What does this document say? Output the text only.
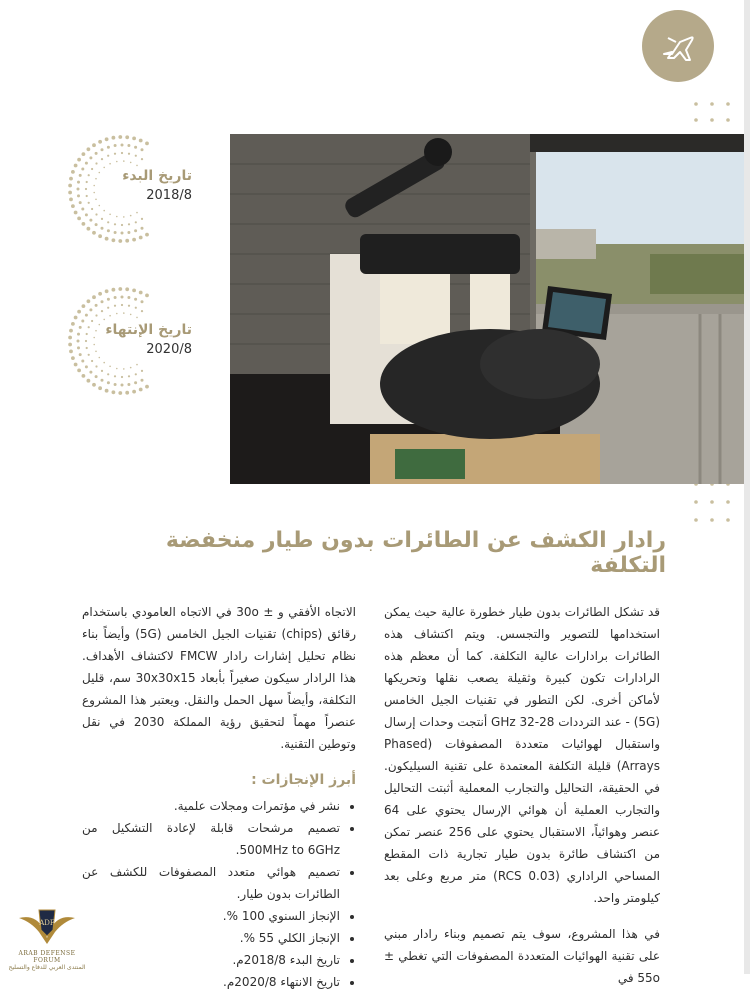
تاريخ البدء
2018/8
تاريخ الإنتهاء
2020/8
رادار الكشف عن الطائرات بدون طيار منخفضة التكلفة

قد تشكل الطائرات بدون طيار خطورة عالية حيث يمكن استخدامها للتصوير والتجسس. ويتم اكتشاف هذه الطائرات برادارات عالية التكلفة. كما أن معظم هذه الرادارات تكون كبيرة وثقيلة يصعب نقلها وتحريكها لأماكن أخرى. لكن التطور في تقنيات الجيل الخامس (5G) - عند الترددات 28-32 GHz أنتجت وحدات إرسال واستقبال لهوائيات متعددة المصفوفات (Phased Arrays) قليلة التكلفة المعتمدة على تقنية السيليكون. في الحقيقة، التحاليل والتجارب المعملية أثبتت التحاليل والتجارب العملية أن هوائي الإرسال يحتوي على 64 عنصر وهوائياً، الاستقبال يحتوي على 256 عنصر تمكن من اكتشاف طائرة بدون طيار تجارية ذات المقطع المساحي الراداري (RCS 0.03) متر مربع وعلى بعد كيلومتر واحد.

في هذا المشروع، سوف يتم تصميم وبناء رادار مبني على تقنية الهوائيات المتعددة المصفوفات التي تغطي ± 55o في

الاتجاه الأفقي و ± 30o في الاتجاه العامودي باستخدام رقائق (chips) تقنيات الجيل الخامس (5G) وأيضاً بناء نظام تحليل إشارات رادار FMCW لاكتشاف الأهداف. هذا الرادار سيكون صغيراً بأبعاد 30x30x15 سم، قليل التكلفة، وأيضاً سهل الحمل والنقل. ويعتبر هذا المشروع عنصراً مهماً لتحقيق رؤية المملكة 2030 في نقل وتوطين التقنية.

أبرز الإنجازات :
• نشر في مؤتمرات ومجلات علمية.
• تصميم مرشحات قابلة لإعادة التشكيل من 500MHz to 6GHz.
• تصميم هوائي متعدد المصفوفات للكشف عن الطائرات بدون طيار.
• الإنجاز السنوي 100 %.
• الإنجاز الكلي 55 %.
• تاريخ البدء 2018/8م.
• تاريخ الانتهاء 2020/8م.
ADF
ARAB DEFENSE FORUM
المنتدى العربي للدفاع والتسليح
